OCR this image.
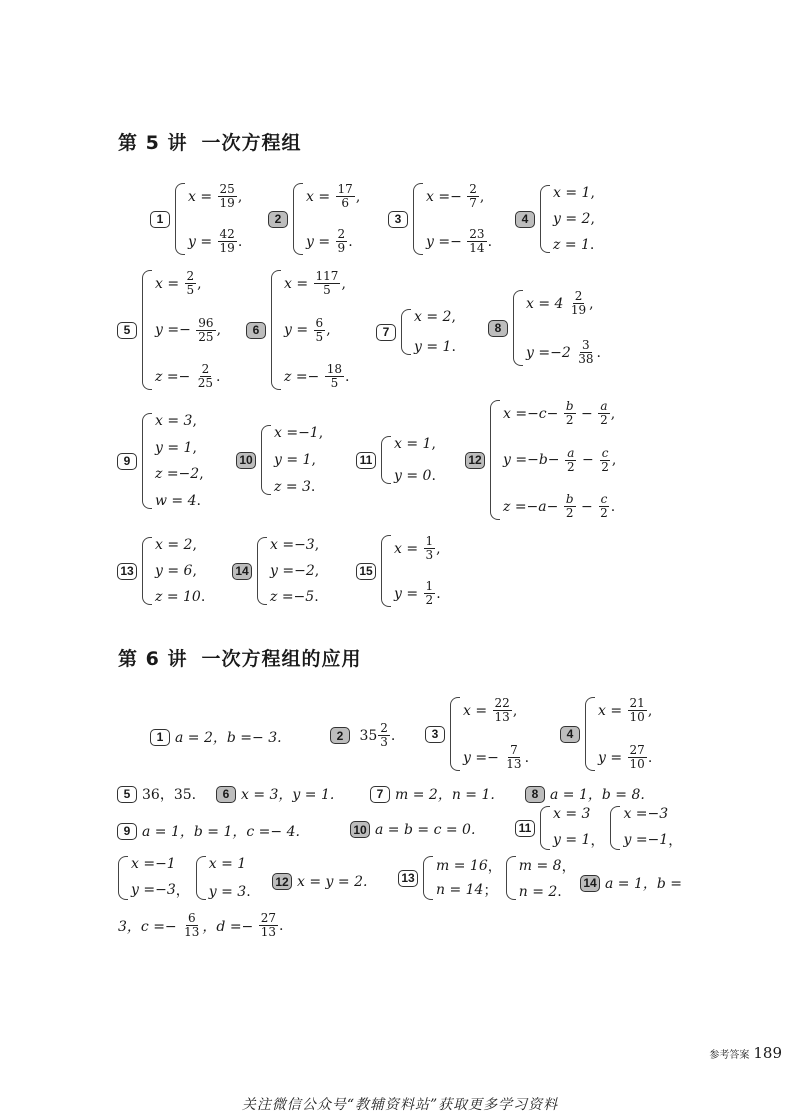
第 5 讲 一次方程组
1
$x = \frac{25}{19}$ ,
$y = \frac{42}{19}$ .
2
$x = \frac{17}{6}$ ,
$y = \frac{2}{9}$ .
3
$x =- \frac{2}{7}$ ,
$y =- \frac{23}{14}$ .
4
x = 1 ,
y = 2 ,
z = 1 .
5
$x = \frac{2}{5}$ ,
$y =- \frac{96}{25}$ ,
$z =- \frac{2}{25}$ .
6
$x = \frac{117}{5}$ ,
$y = \frac{6}{5}$ ,
$z =- \frac{18}{5}$ .
7
x = 2 ,
y = 1 .
8
$x = 4 \frac{2}{19}$ ,
$y =-2 \frac{3}{38}$ .
9
x = 3 ,
y = 1 ,
z =−2 ,
w = 4 .
10
x =−1 ,
y = 1 ,
z = 3 .
11
x = 1 ,
y = 0 .
12
$x =-c- \frac{b}{2} - \frac{a}{2}$ ,
$y =-b- \frac{a}{2} - \frac{c}{2}$ ,
$z =-a- \frac{b}{2} - \frac{c}{2}$ .
13
x = 2 ,
y = 6 ,
z = 10 .
14
x =−3 ,
y =−2 ,
z =−5 .
15
$x = \frac{1}{3}$ ,
$y = \frac{1}{2}$ .
第 6 讲 一次方程组的应用
1 a = 2，b =− 3.	2 $35 \frac{2}{3}$ .	3
$x = \frac{22}{13}$ ,
$y =- \frac{7}{13}$ .
4
$x = \frac{21}{10}$ ,
$y = \frac{27}{10}$ .
5 36，35.	6 x = 3，y = 1.	7 m = 2，n = 1.	8 a = 1，b = 8.
9 a = 1，b = 1，c =− 4.	10 a = b = c = 0.	11
x = 3
y = 1 ，
x =−3
y =−1 ，
x =−1
y =−3 ，
x = 1
y = 3 .
12 x = y = 2.	13
m = 16 ，
n = 14 ；
m = 8 ，
n = 2 .
14 a = 1，b =
3，c =−
$\frac{6}{13}$ ，d =−
$\frac{27}{13}$ .
参考答案 189
关注微信公众号“教辅资料站”获取更多学习资料
